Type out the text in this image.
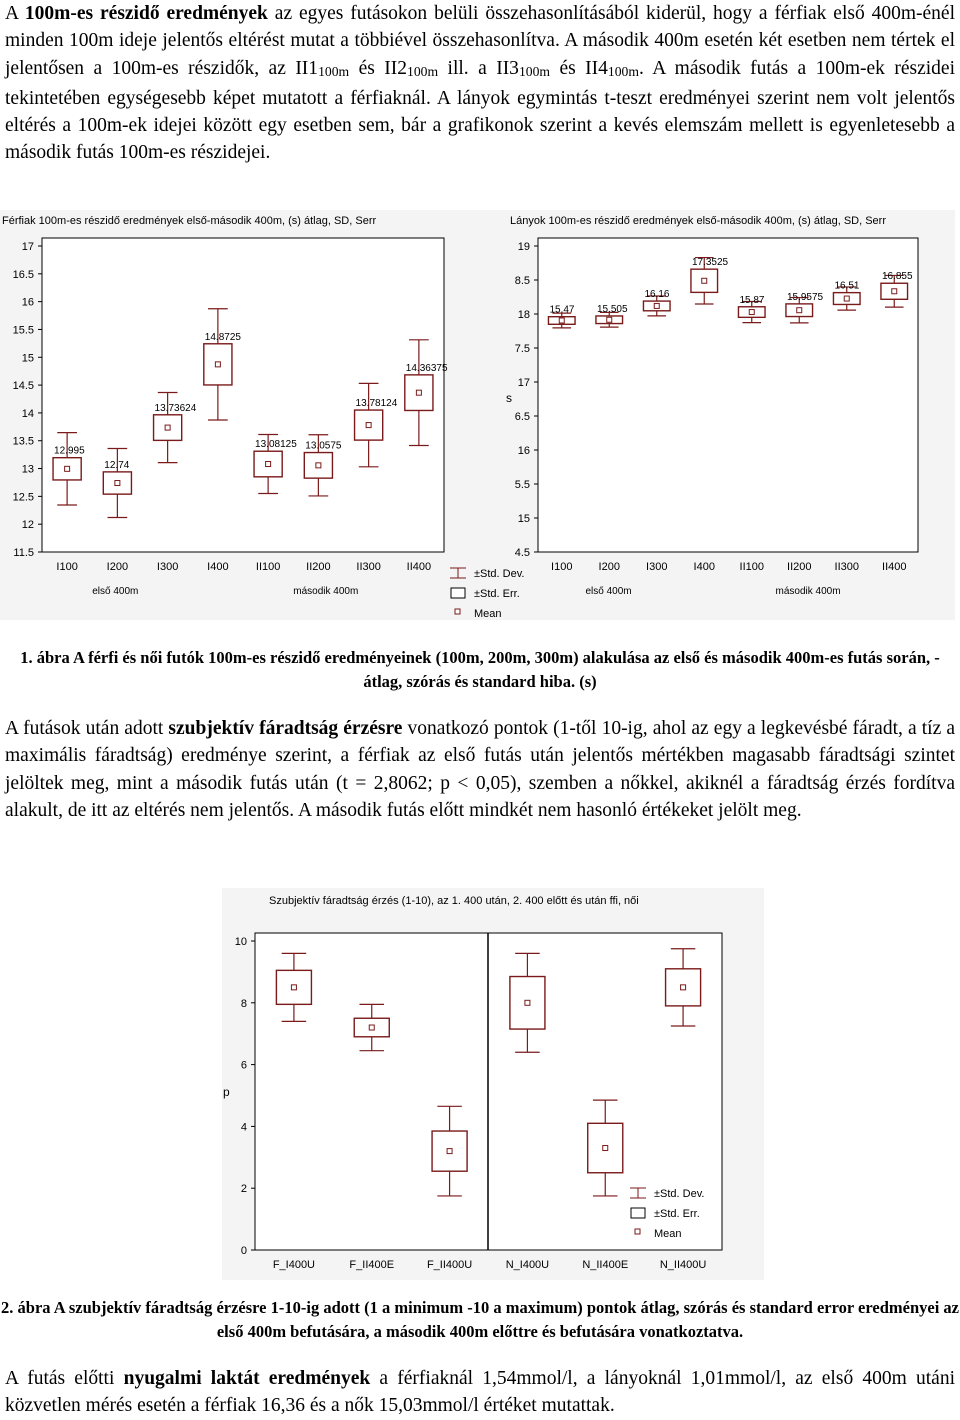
A 100m-es részidő eredmények az egyes futásokon belüli összehasonlításából kiderül, hogy a férfiak első 400m-énél minden 100m ideje jelentős eltérést mutat a többiével összehasonlítva. A második 400m esetén két esetben nem tértek el jelentősen a 100m-es részidők, az $II1_{100m}$ és $II2_{100m}$ ill. a $II3_{100m}$ és $II4_{100m}$. A második futás a 100m-ek részidei tekintetében egységesebb képet mutatott a férfiaknál. A lányok egymintás t-teszt eredményei szerint nem volt jelentős eltérés a 100m-ek idejei között egy esetben sem, bár a grafikonok szerint a kevés elemszám mellett is egyenletesebb a második futás 100m-es részidejei.

Férfiak 100m-es részidő eredmények első-második 400m, (s) átlag, SD, Serr
17
16.5
16
15.5
15
14.5
14
13.5
13
12.5
12
11.5
12.995
I100
12.74
I200
13.73624
I300
14.8725
I400
13.08125
II100
13.0575
II200
13.78124
II300
14.36375
II400
első 400m	második 400m
Lányok 100m-es részidő eredmények első-második 400m, (s) átlag, SD, Serr
19
8.5
18
7.5
17
6.5
16
5.5
15
4.5
s
15.47
I100
15.505
I200
16.16
I300
17.3525
I400
15.87
II100
15.9575
II200
16.51
II300
16.855
II400
első 400m	második 400m
±Std. Dev.
±Std. Err.
Mean

1. ábra A férfi és női futók 100m-es részidő eredményeinek (100m, 200m, 300m) alakulása az első és második 400m-es futás során, - átlag, szórás és standard hiba. (s)

A futások után adott szubjektív fáradtság érzésre vonatkozó pontok (1-től 10-ig, ahol az egy a legkevésbé fáradt, a tíz a maximális fáradtság) eredménye szerint, a férfiak az első futás után jelentős mértékben magasabb fáradtsági szintet jelöltek meg, mint a második futás után (t = 2,8062; p < 0,05), szemben a nőkkel, akiknél a fáradtság érzés fordítva alakult, de itt az eltérés nem jelentős. A második futás előtt mindkét nem hasonló értékeket jelölt meg.

Szubjektív fáradtság érzés (1-10), az 1. 400 után, 2. 400 előtt és után ffi, női
10
8
6
4
2
0
p
F_I400U	F_II400E	F_II400U	N_I400U	N_II400E	N_II400U
±Std. Dev.
±Std. Err.
Mean

2. ábra A szubjektív fáradtság érzésre 1-10-ig adott (1 a minimum -10 a maximum) pontok átlag, szórás és standard error eredményei az első 400m befutására, a második 400m előttre és befutására vonatkoztatva.

A futás előtti nyugalmi laktát eredmények a férfiaknál 1,54mmol/l, a lányoknál 1,01mmol/l, az első 400m utáni közvetlen mérés esetén a férfiak 16,36 és a nők 15,03mmol/l értéket mutattak.
